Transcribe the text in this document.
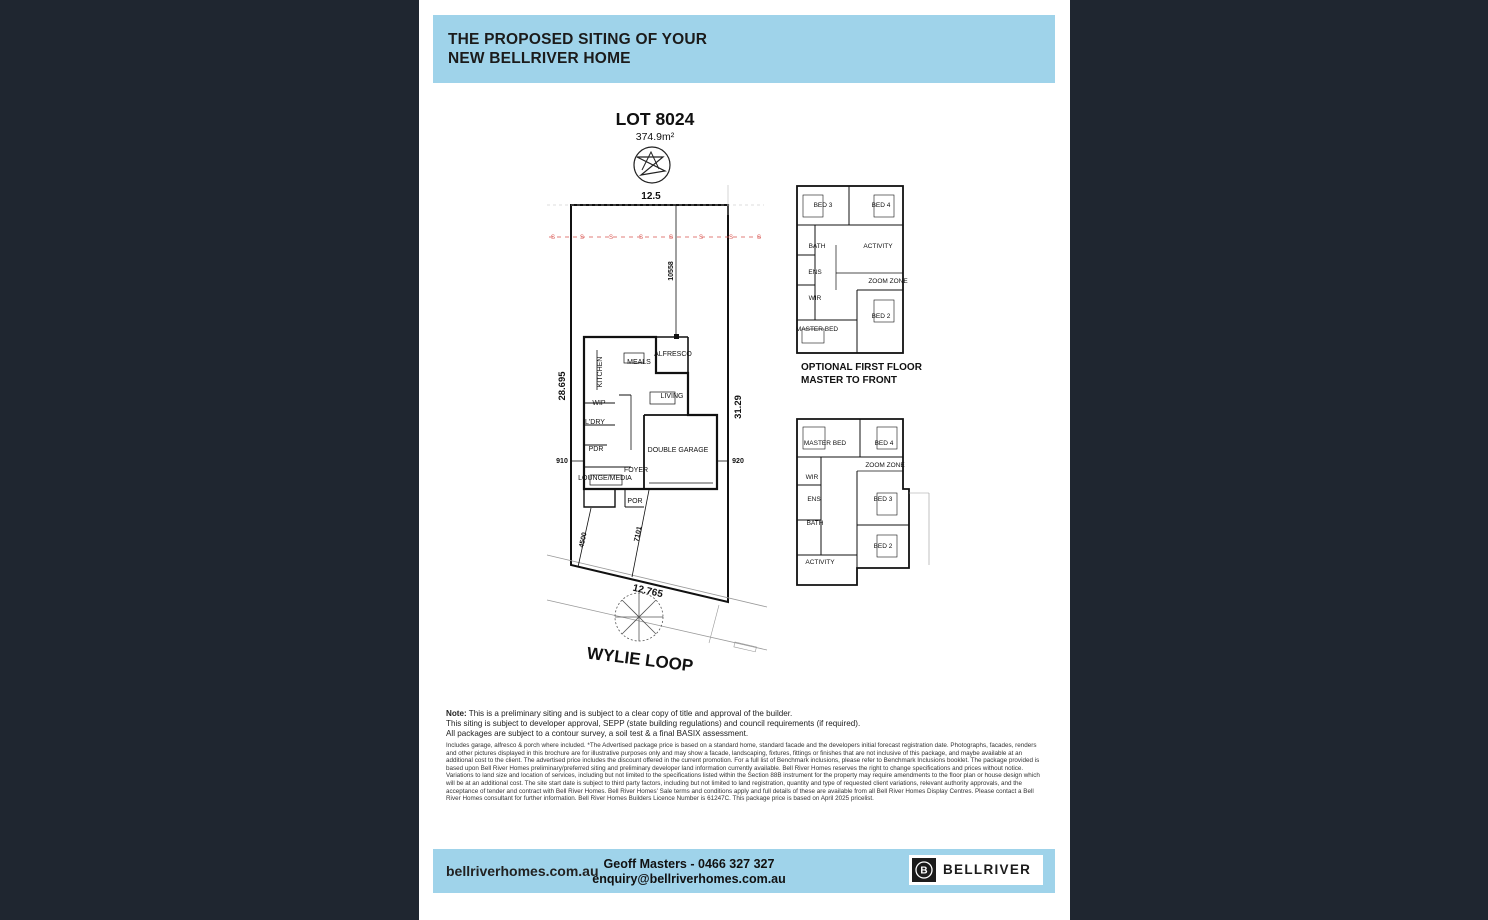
THE PROPOSED SITING OF YOUR
NEW BELLRIVER HOME
LOT 8024
374.9m²
S	S	S	S	S	S	S	S
12.5
12.765
28.695
31.29
10558
4500	7101
910	920
ALFRESCO
MEALS
KITCHEN
LIVING
WIP
L'DRY
PDR	DOUBLE GARAGE
FOYER
LOUNGE/MEDIA
POR
WYLIE LOOP
BED 3	BED 4
BATH	ACTIVITY
ENS
ZOOM ZONE
WIR
BED 2
MASTER BED
OPTIONAL FIRST FLOOR
MASTER TO FRONT
MASTER BED	BED 4
ZOOM ZONE
WIR
ENS	BED 3
BATH
BED 2
ACTIVITY
Note: This is a preliminary siting and is subject to a clear copy of title and approval of the builder.
This siting is subject to developer approval, SEPP (state building regulations) and council requirements (if required).
All packages are subject to a contour survey, a soil test & a final BASIX assessment.
Includes garage, alfresco & porch where included. *The Advertised package price is based on a standard home, standard facade and the developers initial forecast registration date. Photographs, facades, renders and other pictures displayed in this brochure are for illustrative purposes only and may show a facade, landscaping, fixtures, fittings or finishes that are not inclusive of this package, and maybe available at an additional cost to the client. The advertised price includes the discount offered in the current promotion. For a full list of Benchmark inclusions, please refer to Benchmark Inclusions booklet. The package provided is based upon Bell River Homes preliminary/preferred siting and preliminary developer land information currently available. Bell River Homes reserves the right to change specifications and prices without notice. Variations to land size and location of services, including but not limited to the specifications listed within the Section 88B instrument for the property may require amendments to the floor plan or house design which will be at an additional cost. The site start date is subject to third party factors, including but not limited to land registration, quantity and type of requested client variations, relevant authority approvals, and the acceptance of tender and contract with Bell River Homes. Bell River Homes' Sale terms and conditions apply and full details of these are available from all Bell River Homes Display Centres. Please contact a Bell River Homes consultant for further information. Bell River Homes Builders Licence Number is 61247C. This package price is based on April 2025 pricelist.
bellriverhomes.com.au Geoff Masters - 0466 327 327
enquiry@bellriverhomes.com.au
B BELLRIVER
